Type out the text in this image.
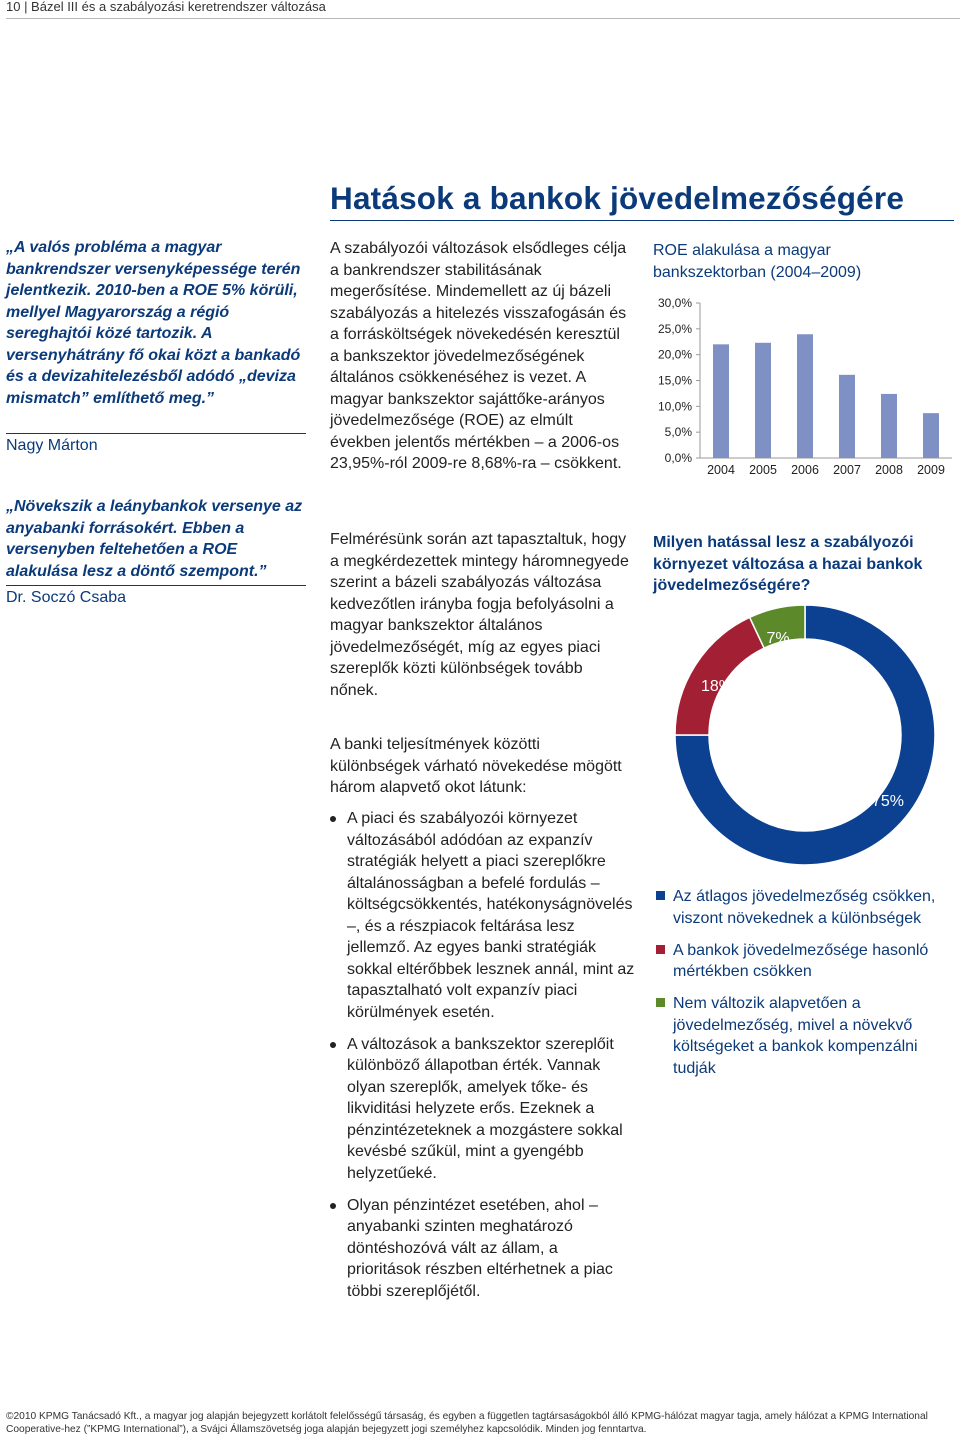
10 | Bázel III és a szabályozási keretrendszer változása
Hatások a bankok jövedelmezőségére
„A valós probléma a magyar bankrendszer versenyképessége terén jelentkezik. 2010-ben a ROE 5% körüli, mellyel Magyarország a régió sereghajtói közé tartozik. A versenyhátrány fő okai közt a bankadó és a devizahitelezésből adódó „deviza mismatch” említhető meg.”
Nagy Márton
„Növekszik a leánybankok versenye az anyabanki forrásokért. Ebben a versenyben feltehetően a ROE alakulása lesz a döntő szempont.”
Dr. Soczó Csaba

A szabályozói változások elsődleges célja a bankrendszer stabilitásának megerősítése. Mindemellett az új bázeli szabályozás a hitelezés visszafogásán és a forrásköltségek növekedésén keresztül a bankszektor jövedelmezőségének általános csökkenéséhez is vezet. A magyar bankszektor sajáttőke-arányos jövedelmezősége (ROE) az elmúlt években jelentős mértékben – a 2006-os 23,95%-ról 2009-re 8,68%-ra – csökkent.

Felmérésünk során azt tapasztaltuk, hogy a megkérdezettek mintegy háromnegyede szerint a bázeli szabályozás változása kedvezőtlen irányba fogja befolyásolni a magyar bankszektor általános jövedelmezőségét, míg az egyes piaci szereplők közti különbségek tovább nőnek.

A banki teljesítmények közötti különbségek várható növekedése mögött három alapvető okot látunk:

A piaci és szabályozói környezet változásából adódóan az expanzív stratégiák helyett a piaci szereplőkre általánosságban a befelé fordulás – költségcsökkentés, hatékonyságnövelés –, és a részpiacok feltárása lesz jellemző. Az egyes banki stratégiák sokkal eltérőbbek lesznek annál, mint az tapasztalható volt expanzív piaci körülmények esetén.
A változások a bankszektor szereplőit különböző állapotban érték. Vannak olyan szereplők, amelyek tőke- és likviditási helyzete erős. Ezeknek a pénzintézeteknek a mozgástere sokkal kevésbé szűkül, mint a gyengébb helyzetűeké.
Olyan pénzintézet esetében, ahol – anyabanki szinten meghatározó döntéshozóvá vált az állam, a prioritások részben eltérhetnek a piac többi szereplőjétől.
ROE alakulása a magyar
bankszektorban (2004–2009)
0,0%
5,0%
10,0%
15,0%
20,0%
25,0%
30,0%
2004 2005 2006 2007 2008 2009
Milyen hatással lesz a szabályozói környezet változása a hazai bankok jövedelmezőségére?
75%
18%
7%
Az átlagos jövedelmezőség csökken, viszont növekednek a különbségek
A bankok jövedelmezősége hasonló mértékben csökken
Nem változik alapvetően a jövedelmezőség, mivel a növekvő költségeket a bankok kompenzálni tudják
©2010 KPMG Tanácsadó Kft., a magyar jog alapján bejegyzett korlátolt felelősségű társaság, és egyben a független tagtársaságokból álló KPMG-hálózat magyar tagja, amely hálózat a KPMG International Cooperative-hez (”KPMG International”), a Svájci Államszövetség joga alapján bejegyzett jogi személyhez kapcsolódik. Minden jog fenntartva.
